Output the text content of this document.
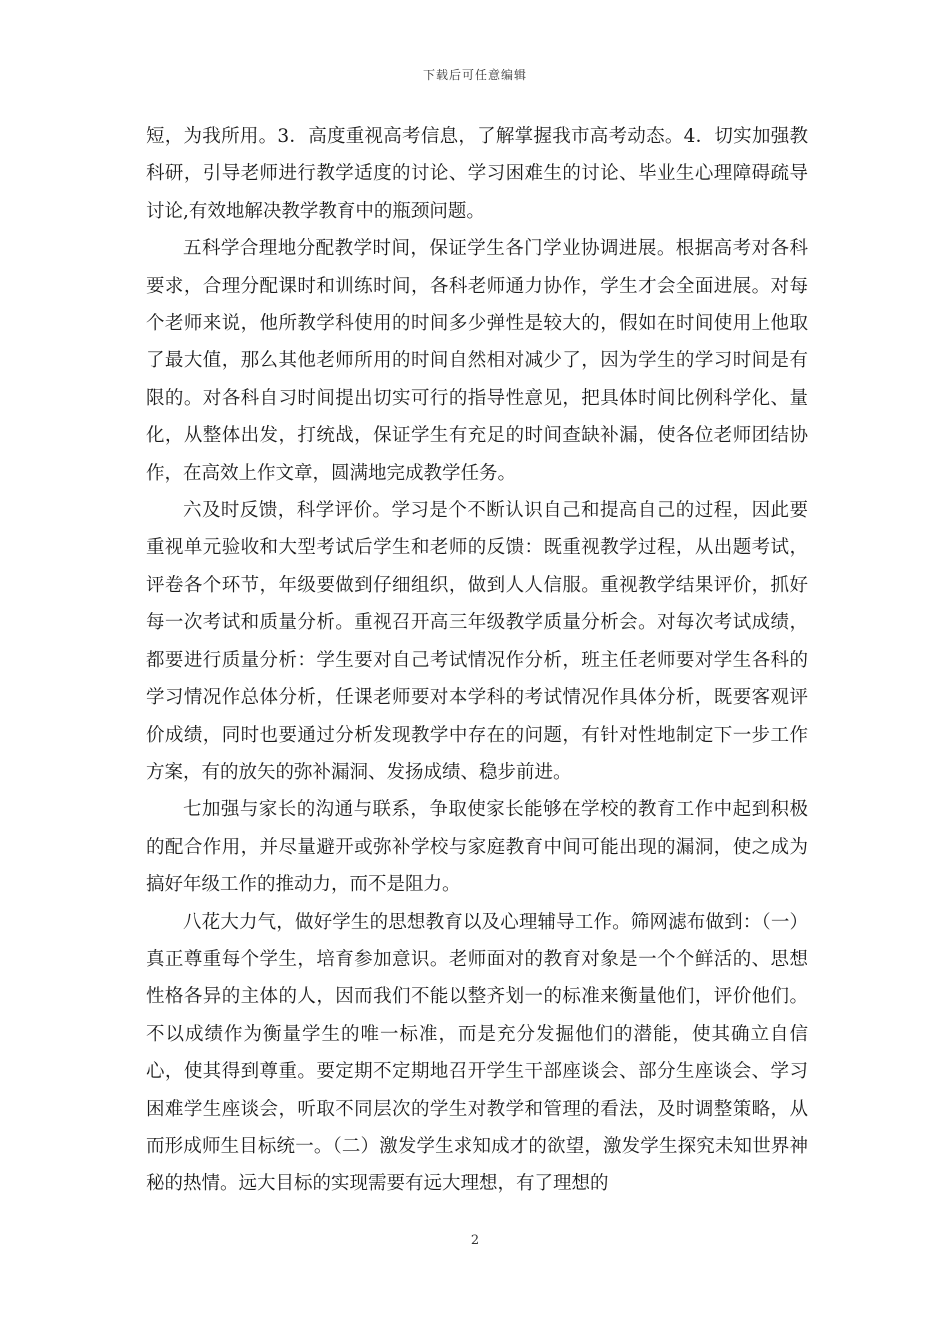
下载后可任意编辑

短，为我所用。3．高度重视高考信息，了解掌握我市高考动态。4．切实加强教科研，引导老师进行教学适度的讨论、学习困难生的讨论、毕业生心理障碍疏导讨论,有效地解决教学教育中的瓶颈问题。

五科学合理地分配教学时间，保证学生各门学业协调进展。根据高考对各科要求，合理分配课时和训练时间，各科老师通力协作，学生才会全面进展。对每个老师来说，他所教学科使用的时间多少弹性是较大的，假如在时间使用上他取了最大值，那么其他老师所用的时间自然相对减少了，因为学生的学习时间是有限的。对各科自习时间提出切实可行的指导性意见，把具体时间比例科学化、量化，从整体出发，打统战，保证学生有充足的时间查缺补漏，使各位老师团结协作，在高效上作文章，圆满地完成教学任务。

六及时反馈，科学评价。学习是个不断认识自己和提高自己的过程，因此要重视单元验收和大型考试后学生和老师的反馈：既重视教学过程，从出题考试，评卷各个环节，年级要做到仔细组织，做到人人信服。重视教学结果评价，抓好每一次考试和质量分析。重视召开高三年级教学质量分析会。对每次考试成绩，都要进行质量分析：学生要对自己考试情况作分析，班主任老师要对学生各科的学习情况作总体分析，任课老师要对本学科的考试情况作具体分析，既要客观评价成绩，同时也要通过分析发现教学中存在的问题，有针对性地制定下一步工作方案，有的放矢的弥补漏洞、发扬成绩、稳步前进。

七加强与家长的沟通与联系，争取使家长能够在学校的教育工作中起到积极的配合作用，并尽量避开或弥补学校与家庭教育中间可能出现的漏洞，使之成为搞好年级工作的推动力，而不是阻力。

八花大力气，做好学生的思想教育以及心理辅导工作。筛网滤布做到：（一）真正尊重每个学生，培育参加意识。老师面对的教育对象是一个个鲜活的、思想性格各异的主体的人，因而我们不能以整齐划一的标准来衡量他们，评价他们。不以成绩作为衡量学生的唯一标准，而是充分发掘他们的潜能，使其确立自信心，使其得到尊重。要定期不定期地召开学生干部座谈会、部分生座谈会、学习困难学生座谈会，听取不同层次的学生对教学和管理的看法，及时调整策略，从而形成师生目标统一。（二）激发学生求知成才的欲望，激发学生探究未知世界神秘的热情。远大目标的实现需要有远大理想，有了理想的

2
